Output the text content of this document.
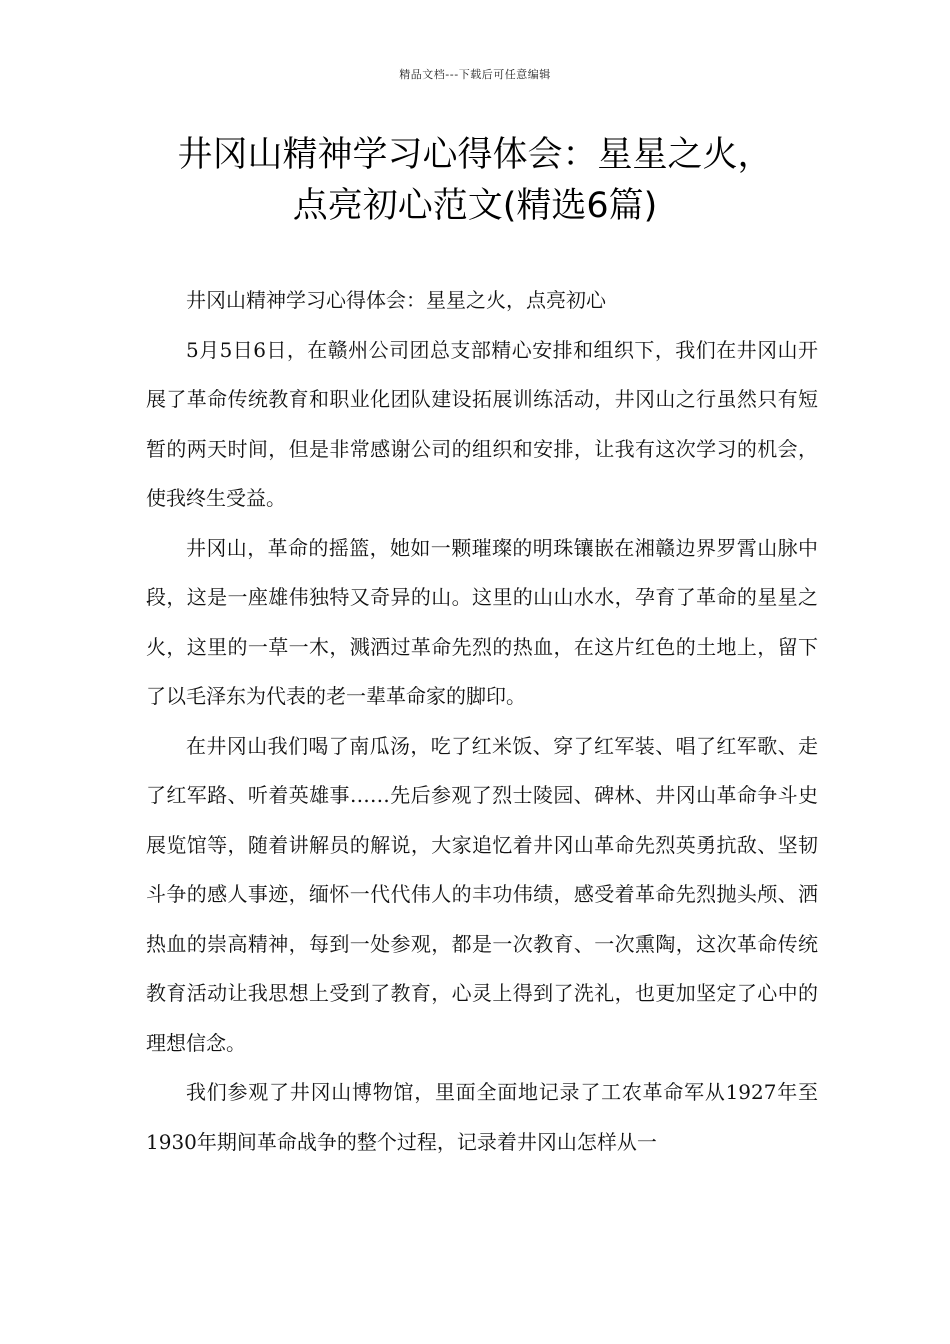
精品文档---下载后可任意编辑
井冈山精神学习心得体会：星星之火，
点亮初心范文(精选6篇)

井冈山精神学习心得体会：星星之火，点亮初心

5月5日6日，在赣州公司团总支部精心安排和组织下，我们在井冈山开展了革命传统教育和职业化团队建设拓展训练活动，井冈山之行虽然只有短暂的两天时间，但是非常感谢公司的组织和安排，让我有这次学习的机会，使我终生受益。

井冈山，革命的摇篮，她如一颗璀璨的明珠镶嵌在湘赣边界罗霄山脉中段，这是一座雄伟独特又奇异的山。这里的山山水水，孕育了革命的星星之火，这里的一草一木，溅洒过革命先烈的热血，在这片红色的土地上，留下了以毛泽东为代表的老一辈革命家的脚印。

在井冈山我们喝了南瓜汤，吃了红米饭、穿了红军装、唱了红军歌、走了红军路、听着英雄事……先后参观了烈士陵园、碑林、井冈山革命争斗史展览馆等，随着讲解员的解说，大家追忆着井冈山革命先烈英勇抗敌、坚韧斗争的感人事迹，缅怀一代代伟人的丰功伟绩，感受着革命先烈抛头颅、洒热血的崇高精神，每到一处参观，都是一次教育、一次熏陶，这次革命传统教育活动让我思想上受到了教育，心灵上得到了洗礼，也更加坚定了心中的理想信念。

我们参观了井冈山博物馆，里面全面地记录了工农革命军从1927年至1930年期间革命战争的整个过程，记录着井冈山怎样从一
